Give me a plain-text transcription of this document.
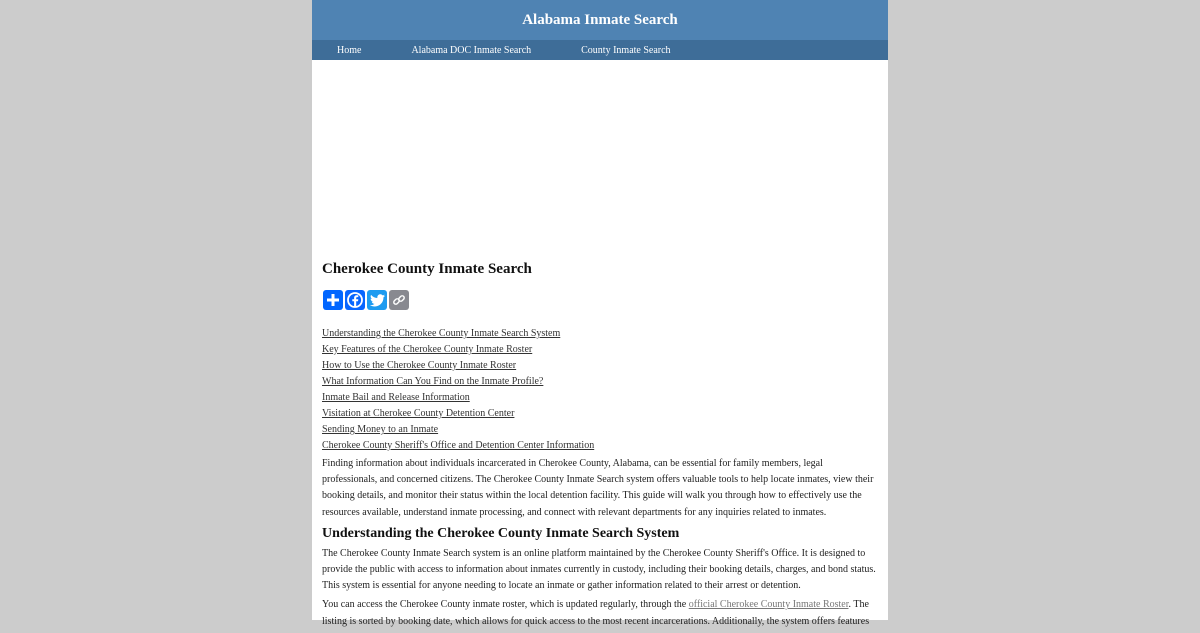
Alabama Inmate Search
Home	Alabama DOC Inmate Search	County Inmate Search
Cherokee County Inmate Search
Understanding the Cherokee County Inmate Search System
Key Features of the Cherokee County Inmate Roster
How to Use the Cherokee County Inmate Roster
What Information Can You Find on the Inmate Profile?
Inmate Bail and Release Information
Visitation at Cherokee County Detention Center
Sending Money to an Inmate
Cherokee County Sheriff's Office and Detention Center Information

Finding information about individuals incarcerated in Cherokee County, Alabama, can be essential for family members, legal professionals, and concerned citizens. The Cherokee County Inmate Search system offers valuable tools to help locate inmates, view their booking details, and monitor their status within the local detention facility. This guide will walk you through how to effectively use the resources available, understand inmate processing, and connect with relevant departments for any inquiries related to inmates.

Understanding the Cherokee County Inmate Search System

The Cherokee County Inmate Search system is an online platform maintained by the Cherokee County Sheriff's Office. It is designed to provide the public with access to information about inmates currently in custody, including their booking details, charges, and bond status. This system is essential for anyone needing to locate an inmate or gather information related to their arrest or detention.

You can access the Cherokee County inmate roster, which is updated regularly, through the official Cherokee County Inmate Roster. The listing is sorted by booking date, which allows for quick access to the most recent incarcerations. Additionally, the system offers features
